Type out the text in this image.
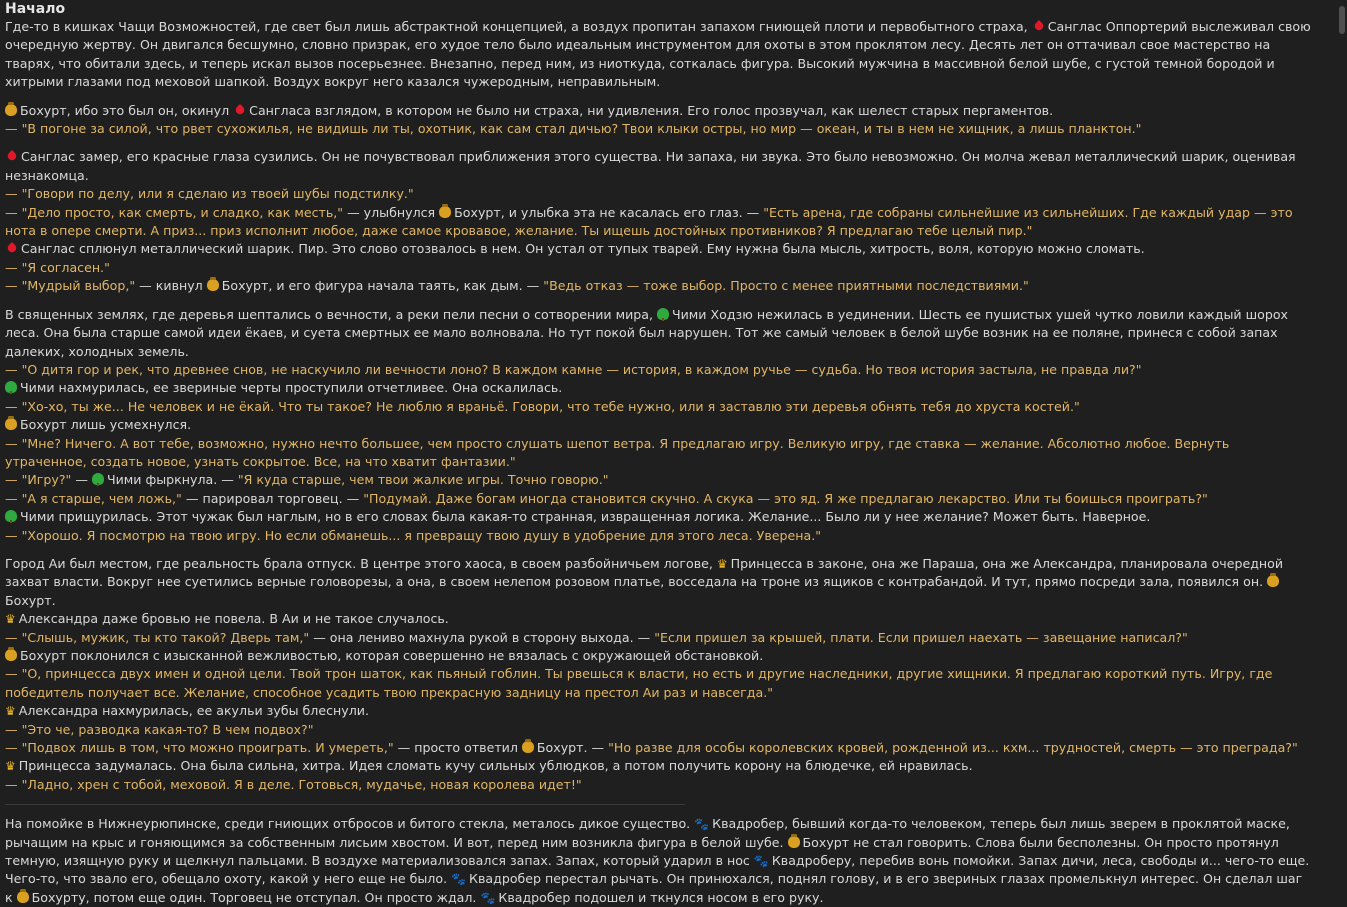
Начало
Где-то в кишках Чащи Возможностей, где свет был лишь абстрактной концепцией, а воздух пропитан запахом гниющей плоти и первобытного страха, Санглас Оппортерий выслеживал свою очередную жертву. Он двигался бесшумно, словно призрак, его худое тело было идеальным инструментом для охоты в этом проклятом лесу. Десять лет он оттачивал свое мастерство на тварях, что обитали здесь, и теперь искал вызов посерьезнее. Внезапно, перед ним, из ниоткуда, соткалась фигура. Высокий мужчина в массивной белой шубе, с густой темной бородой и хитрыми глазами под меховой шапкой. Воздух вокруг него казался чужеродным, неправильным.
Бохурт, ибо это был он, окинул Сангласа взглядом, в котором не было ни страха, ни удивления. Его голос прозвучал, как шелест старых пергаментов.
— "В погоне за силой, что рвет сухожилья, не видишь ли ты, охотник, как сам стал дичью? Твои клыки остры, но мир — океан, и ты в нем не хищник, а лишь планктон."
Санглас замер, его красные глаза сузились. Он не почувствовал приближения этого существа. Ни запаха, ни звука. Это было невозможно. Он молча жевал металлический шарик, оценивая незнакомца.
— "Говори по делу, или я сделаю из твоей шубы подстилку."
— "Дело просто, как смерть, и сладко, как месть," — улыбнулся Бохурт, и улыбка эта не касалась его глаз. — "Есть арена, где собраны сильнейшие из сильнейших. Где каждый удар — это нота в опере смерти. А приз... приз исполнит любое, даже самое кровавое, желание. Ты ищешь достойных противников? Я предлагаю тебе целый пир."
Санглас сплюнул металлический шарик. Пир. Это слово отозвалось в нем. Он устал от тупых тварей. Ему нужна была мысль, хитрость, воля, которую можно сломать.
— "Я согласен."
— "Мудрый выбор," — кивнул Бохурт, и его фигура начала таять, как дым. — "Ведь отказ — тоже выбор. Просто с менее приятными последствиями."
В священных землях, где деревья шептались о вечности, а реки пели песни о сотворении мира, Чими Ходзю нежилась в уединении. Шесть ее пушистых ушей чутко ловили каждый шорох леса. Она была старше самой идеи ёкаев, и суета смертных ее мало волновала. Но тут покой был нарушен. Тот же самый человек в белой шубе возник на ее поляне, принеся с собой запах далеких, холодных земель.
— "О дитя гор и рек, что древнее снов, не наскучило ли вечности лоно? В каждом камне — история, в каждом ручье — судьба. Но твоя история застыла, не правда ли?"
Чими нахмурилась, ее звериные черты проступили отчетливее. Она оскалилась.
— "Хо-хо, ты же... Не человек и не ёкай. Что ты такое? Не люблю я враньё. Говори, что тебе нужно, или я заставлю эти деревья обнять тебя до хруста костей."
Бохурт лишь усмехнулся.
— "Мне? Ничего. А вот тебе, возможно, нужно нечто большее, чем просто слушать шепот ветра. Я предлагаю игру. Великую игру, где ставка — желание. Абсолютно любое. Вернуть утраченное, создать новое, узнать сокрытое. Все, на что хватит фантазии."
— "Игру?" — Чими фыркнула. — "Я куда старше, чем твои жалкие игры. Точно говорю."
— "А я старше, чем ложь," — парировал торговец. — "Подумай. Даже богам иногда становится скучно. А скука — это яд. Я же предлагаю лекарство. Или ты боишься проиграть?"
Чими прищурилась. Этот чужак был наглым, но в его словах была какая-то странная, извращенная логика. Желание... Было ли у нее желание? Может быть. Наверное.
— "Хорошо. Я посмотрю на твою игру. Но если обманешь... я превращу твою душу в удобрение для этого леса. Уверена."
Город Аи был местом, где реальность брала отпуск. В центре этого хаоса, в своем разбойничьем логове, ♛ Принцесса в законе, она же Параша, она же Александра, планировала очередной захват власти. Вокруг нее суетились верные головорезы, а она, в своем нелепом розовом платье, восседала на троне из ящиков с контрабандой. И тут, прямо посреди зала, появился он. Бохурт.
♛ Александра даже бровью не повела. В Аи и не такое случалось.
— "Слышь, мужик, ты кто такой? Дверь там," — она лениво махнула рукой в сторону выхода. — "Если пришел за крышей, плати. Если пришел наехать — завещание написал?"
Бохурт поклонился с изысканной вежливостью, которая совершенно не вязалась с окружающей обстановкой.
— "О, принцесса двух имен и одной цели. Твой трон шаток, как пьяный гоблин. Ты рвешься к власти, но есть и другие наследники, другие хищники. Я предлагаю короткий путь. Игру, где победитель получает все. Желание, способное усадить твою прекрасную задницу на престол Аи раз и навсегда."
♛ Александра нахмурилась, ее акульи зубы блеснули.
— "Это че, разводка какая-то? В чем подвох?"
— "Подвох лишь в том, что можно проиграть. И умереть," — просто ответил Бохурт. — "Но разве для особы королевских кровей, рожденной из... кхм... трудностей, смерть — это преграда?"
♛ Принцесса задумалась. Она была сильна, хитра. Идея сломать кучу сильных ублюдков, а потом получить корону на блюдечке, ей нравилась.
— "Ладно, хрен с тобой, меховой. Я в деле. Готовься, мудачье, новая королева идет!"
На помойке в Нижнеурюпинске, среди гниющих отбросов и битого стекла, металось дикое существо. 🐾 Квадробер, бывший когда-то человеком, теперь был лишь зверем в проклятой маске, рычащим на крыс и гоняющимся за собственным лисьим хвостом. И вот, перед ним возникла фигура в белой шубе. Бохурт не стал говорить. Слова были бесполезны. Он просто протянул темную, изящную руку и щелкнул пальцами. В воздухе материализовался запах. Запах, который ударил в нос 🐾 Квадроберу, перебив вонь помойки. Запах дичи, леса, свободы и... чего-то еще. Чего-то, что звало его, обещало охоту, какой у него еще не было. 🐾 Квадробер перестал рычать. Он принюхался, поднял голову, и в его звериных глазах промелькнул интерес. Он сделал шаг к Бохурту, потом еще один. Торговец не отступал. Он просто ждал. 🐾 Квадробер подошел и ткнулся носом в его руку.
